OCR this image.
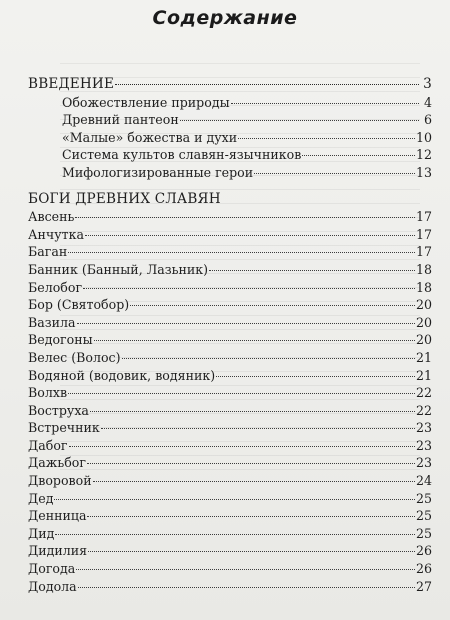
Содержание
ВВЕДЕНИЕ	3
Обожествление природы	4
Древний пантеон	6
«Малые» божества и духи	10
Система культов славян-язычников	12
Мифологизированные герои	13
БОГИ ДРЕВНИХ СЛАВЯН
Авсень	17
Анчутка	17
Баган	17
Банник (Банный, Лазьник)	18
Белобог	18
Бор (Святобор)	20
Вазила	20
Ведогоны	20
Велес (Волос)	21
Водяной (водовик, водяник)	21
Волхв	22
Воструха	22
Встречник	23
Дабог	23
Дажьбог	23
Дворовой	24
Дед	25
Денница	25
Дид	25
Дидилия	26
Догода	26
Додола	27
